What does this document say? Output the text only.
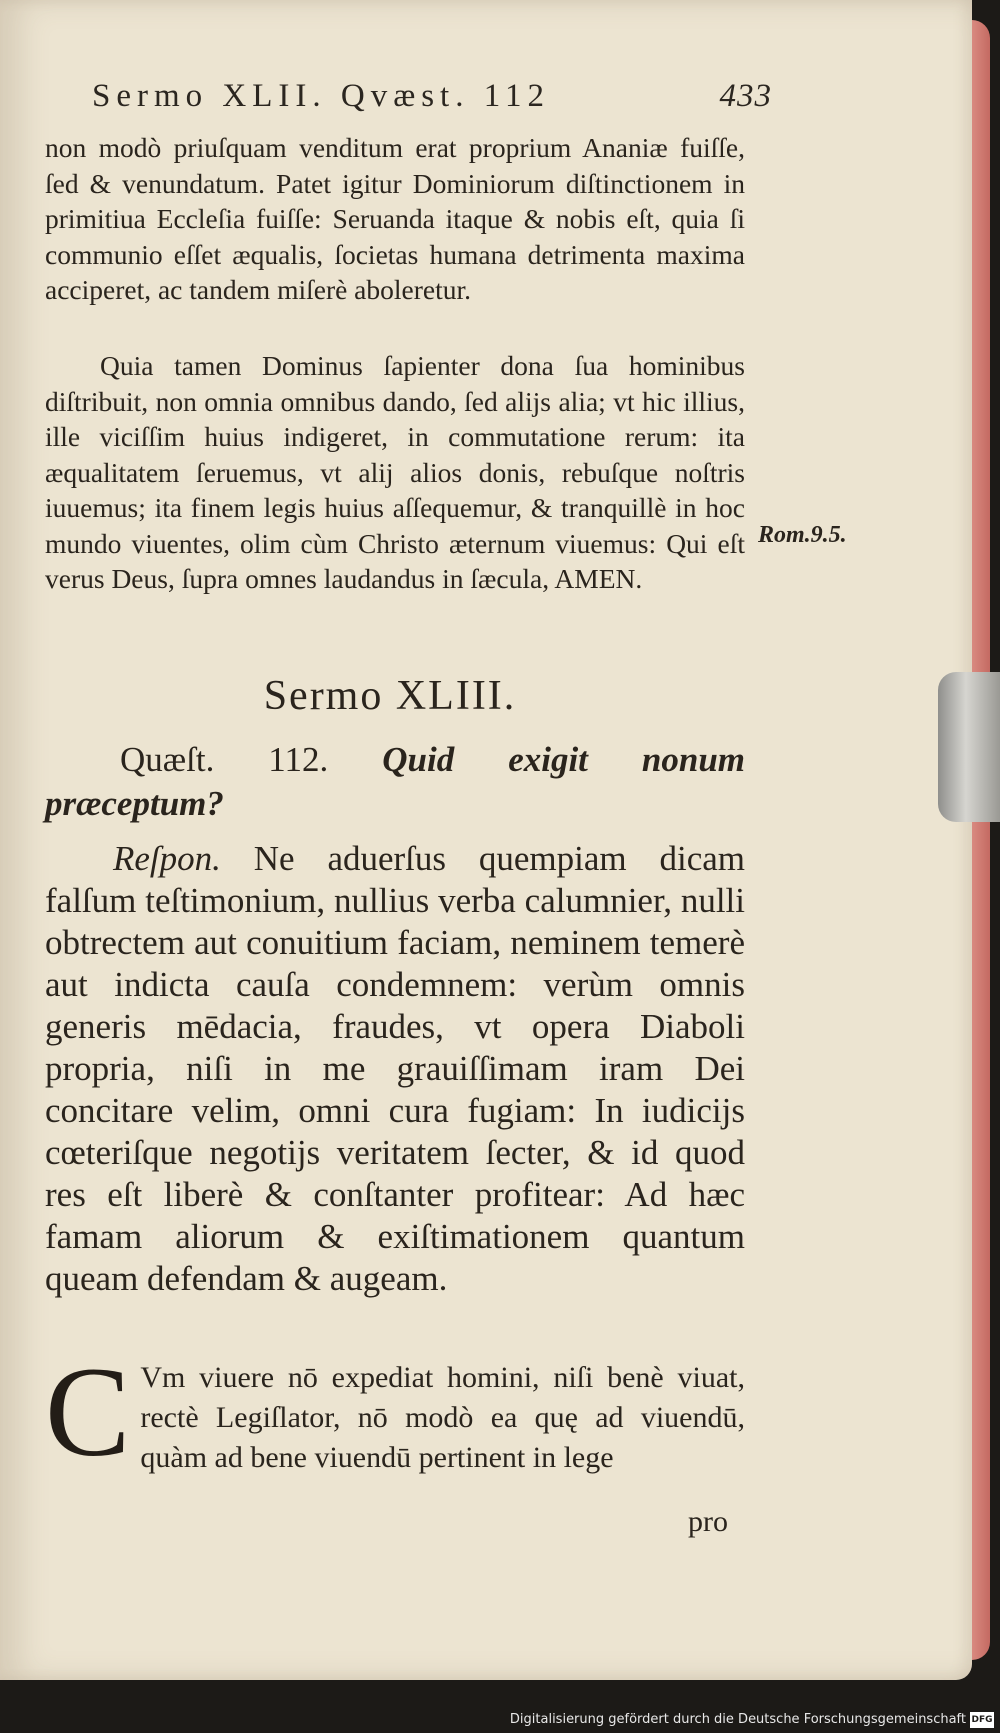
Sermo XLII. Qvæst. 112	433

non modò priuſquam venditum erat proprium Ananiæ fuiſſe, ſed & venundatum. Patet igitur Dominiorum diſtinctionem in primitiua Eccleſia fuiſſe: Seruanda itaque & nobis eſt, quia ſi communio eſſet æqualis, ſocietas humana detrimenta maxima acciperet, ac tandem miſerè aboleretur.

Quia tamen Dominus ſapienter dona ſua hominibus diſtribuit, non omnia omnibus dando, ſed alijs alia; vt hic illius, ille viciſſim huius indigeret, in commutatione rerum: ita æqualitatem ſeruemus, vt alij alios donis, rebuſque noſtris iuuemus; ita finem legis huius aſſequemur, & tranquillè in hoc mundo viuentes, olim cùm Christo æternum viuemus: Qui eſt verus Deus, ſupra omnes laudandus in ſæcula, AMEN.

Rom.9.5.
Sermo XLIII.
Quæſt. 112. Quid exigit nonum præceptum?
Reſpon. Ne aduerſus quempiam dicam falſum teſtimonium, nullius verba calumnier, nulli obtrectem aut conuitium faciam, neminem temerè aut indicta cauſa condemnem: verùm omnis generis mēdacia, fraudes, vt opera Diaboli propria, niſi in me grauiſſimam iram Dei concitare velim, omni cura fugiam: In iudicijs cœteriſque negotijs veritatem ſecter, & id quod res eſt liberè & conſtanter profitear: Ad hæc famam aliorum & exiſtimationem quantum queam defendam & augeam.
C Vm viuere nō expediat homini, niſi benè viuat, rectè Legiſlator, nō modò ea quę ad viuendū, quàm ad bene viuendū pertinent in lege
pro
Digitalisierung gefördert durch die Deutsche Forschungsgemeinschaft DFG
